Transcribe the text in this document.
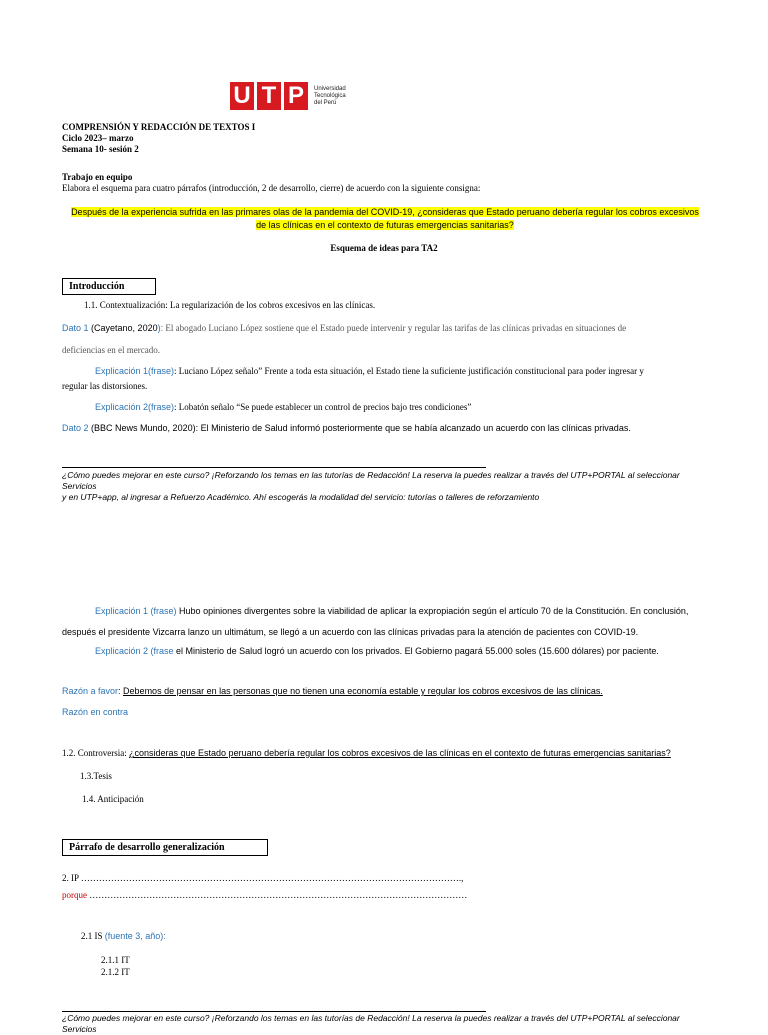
U T P	Universidad
Tecnológica
del Perú
COMPRENSIÓN Y REDACCIÓN DE TEXTOS I
Ciclo 2023– marzo
Semana 10- sesión 2
Trabajo en equipo
Elabora el esquema para cuatro párrafos (introducción, 2 de desarrollo, cierre) de acuerdo con la siguiente consigna:
Después de la experiencia sufrida en las primares olas de la pandemia del COVID-19, ¿consideras que Estado peruano debería regular los cobros excesivos
de las clínicas en el contexto de futuras emergencias sanitarias?
Esquema de ideas para TA2
Introducción
1.1. Contextualización: La regularización de los cobros excesivos en las clínicas.
Dato 1 (Cayetano, 2020): El abogado Luciano López sostiene que el Estado puede intervenir y regular las tarifas de las clínicas privadas en situaciones de
deficiencias en el mercado.
Explicación 1(frase): Luciano López señalo” Frente a toda esta situación, el Estado tiene la suficiente justificación constitucional para poder ingresar y
regular las distorsiones.
Explicación 2(frase): Lobatón señalo “Se puede establecer un control de precios bajo tres condiciones”
Dato 2 (BBC News Mundo, 2020): El Ministerio de Salud informó posteriormente que se había alcanzado un acuerdo con las clínicas privadas.
¿Cómo puedes mejorar en este curso? ¡Reforzando los temas en las tutorías de Redacción! La reserva la puedes realizar a través del UTP+PORTAL al seleccionar Servicios
y en UTP+app, al ingresar a Refuerzo Académico. Ahí escogerás la modalidad del servicio: tutorías o talleres de reforzamiento
Explicación 1 (frase) Hubo opiniones divergentes sobre la viabilidad de aplicar la expropiación según el artículo 70 de la Constitución. En conclusión,
después el presidente Vizcarra lanzo un ultimátum, se llegó a un acuerdo con las clínicas privadas para la atención de pacientes con COVID-19.
Explicación 2 (frase el Ministerio de Salud logró un acuerdo con los privados. El Gobierno pagará 55.000 soles (15.600 dólares) por paciente.
Razón a favor: Debemos de pensar en las personas que no tienen una economía estable y regular los cobros excesivos de las clínicas.
Razón en contra
1.2. Controversia: ¿consideras que Estado peruano debería regular los cobros excesivos de las clínicas en el contexto de futuras emergencias sanitarias?
1.3.Tesis
1.4. Anticipación
Párrafo de desarrollo generalización
2. IP ……………………………………………………………………………………………………………….,
porque ………………………………………………………………………………………………………………
2.1 IS (fuente 3, año):
2.1.1 IT
2.1.2 IT
¿Cómo puedes mejorar en este curso? ¡Reforzando los temas en las tutorías de Redacción! La reserva la puedes realizar a través del UTP+PORTAL al seleccionar Servicios
